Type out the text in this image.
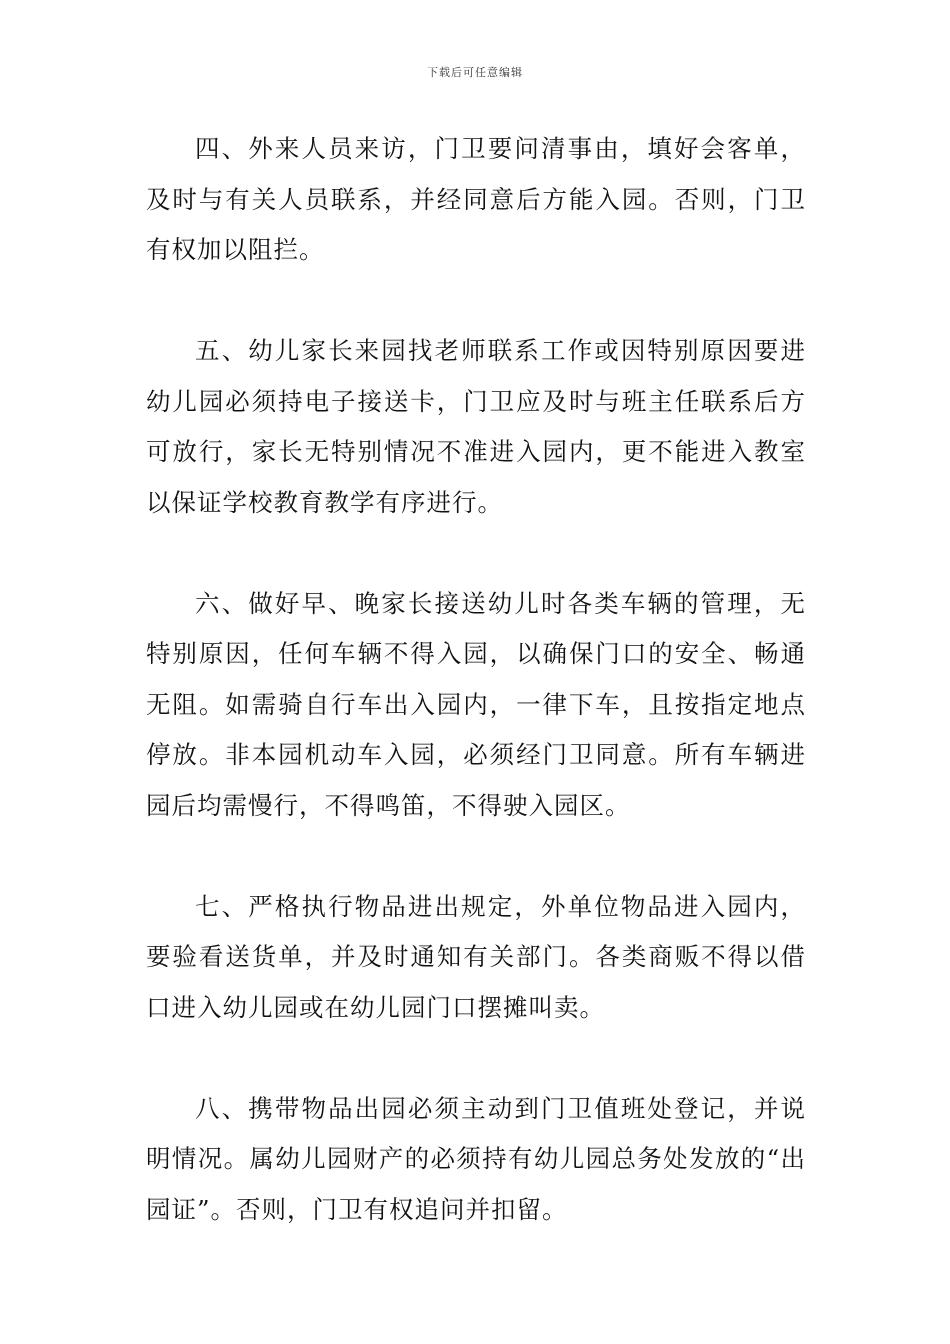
下载后可任意编辑

四、外来人员来访，门卫要问清事由，填好会客单，及时与有关人员联系，并经同意后方能入园。否则，门卫有权加以阻拦。

五、幼儿家长来园找老师联系工作或因特别原因要进幼儿园必须持电子接送卡，门卫应及时与班主任联系后方可放行，家长无特别情况不准进入园内，更不能进入教室以保证学校教育教学有序进行。

六、做好早、晚家长接送幼儿时各类车辆的管理，无特别原因，任何车辆不得入园，以确保门口的安全、畅通无阻。如需骑自行车出入园内，一律下车，且按指定地点停放。非本园机动车入园，必须经门卫同意。所有车辆进园后均需慢行，不得鸣笛，不得驶入园区。

七、严格执行物品进出规定，外单位物品进入园内，要验看送货单，并及时通知有关部门。各类商贩不得以借口进入幼儿园或在幼儿园门口摆摊叫卖。

八、携带物品出园必须主动到门卫值班处登记，并说明情况。属幼儿园财产的必须持有幼儿园总务处发放的“出园证”。否则，门卫有权追问并扣留。
